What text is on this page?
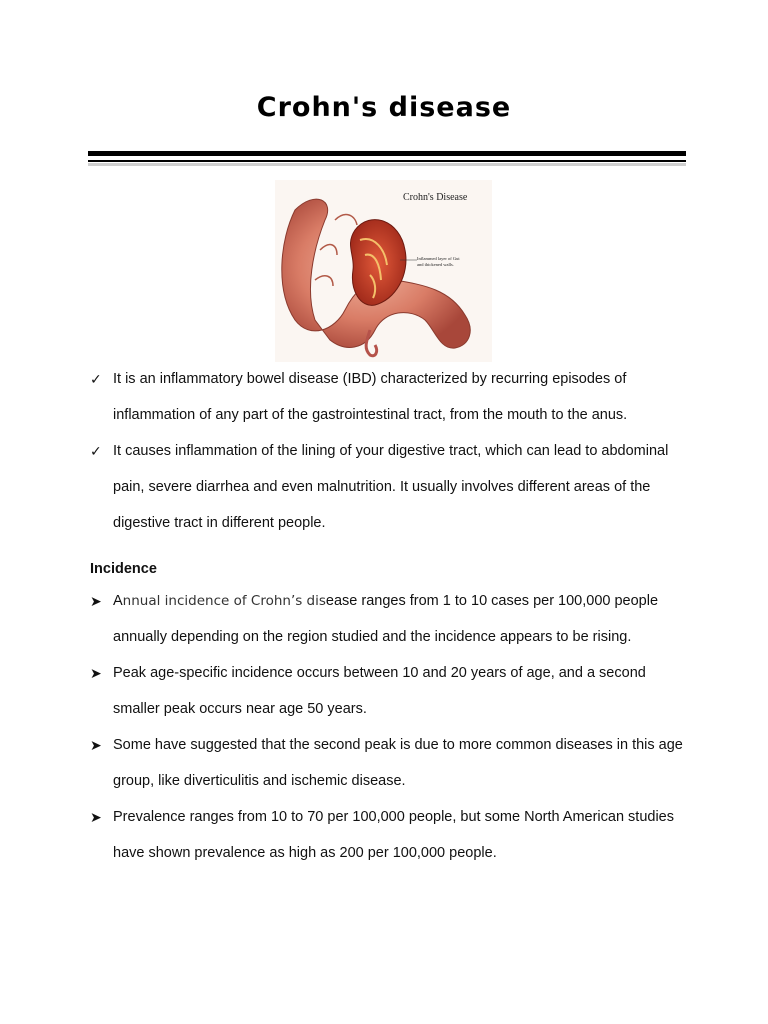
Crohn's disease
Crohn's Disease
Inflammed layer of Gut
and thickened walls.
✓ It is an inflammatory bowel disease (IBD) characterized by recurring episodes of inflammation of any part of the gastrointestinal tract, from the mouth to the anus.
✓ It causes inflammation of the lining of your digestive tract, which can lead to abdominal pain, severe diarrhea and even malnutrition. It usually involves different areas of the digestive tract in different people.
Incidence
➤ Annual incidence of Crohn’s disease ranges from 1 to 10 cases per 100,000 people annually depending on the region studied and the incidence appears to be rising.
➤ Peak age-specific incidence occurs between 10 and 20 years of age, and a second smaller peak occurs near age 50 years.
➤ Some have suggested that the second peak is due to more common diseases in this age group, like diverticulitis and ischemic disease.
➤ Prevalence ranges from 10 to 70 per 100,000 people, but some North American studies have shown prevalence as high as 200 per 100,000 people.
